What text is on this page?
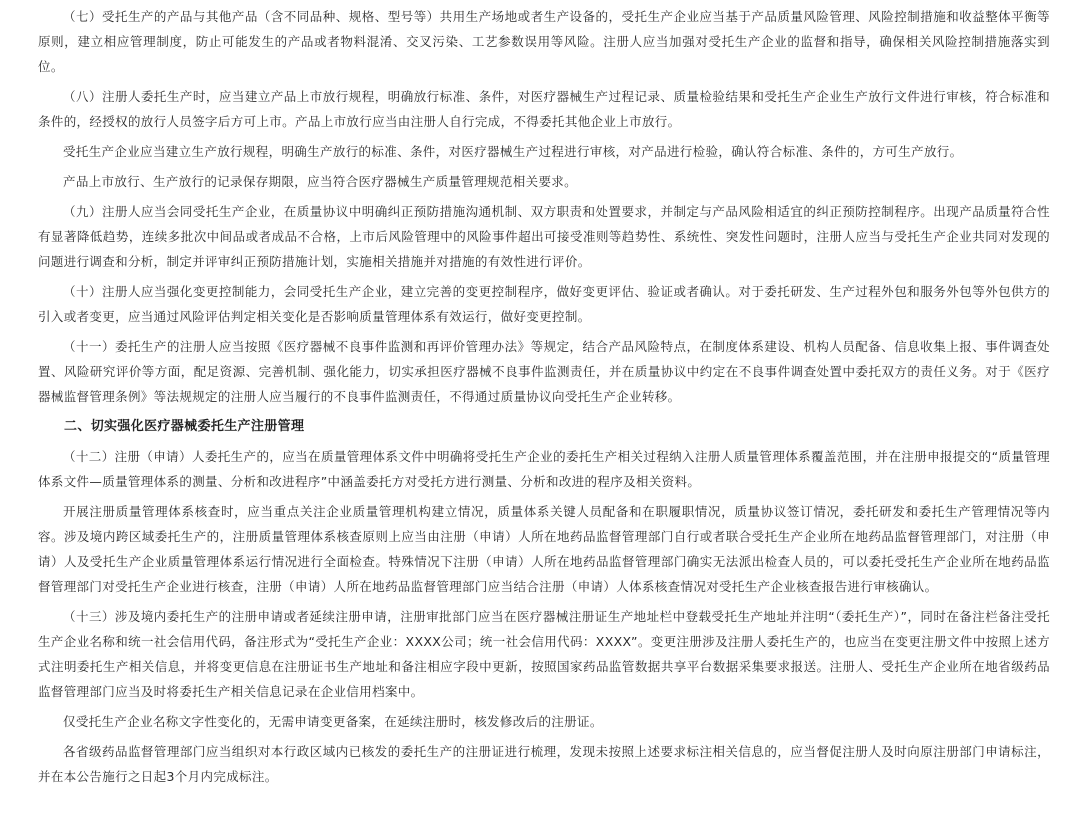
（七）受托生产的产品与其他产品（含不同品种、规格、型号等）共用生产场地或者生产设备的，受托生产企业应当基于产品质量风险管理、风险控制措施和收益整体平衡等原则，建立相应管理制度，防止可能发生的产品或者物料混淆、交叉污染、工艺参数误用等风险。注册人应当加强对受托生产企业的监督和指导，确保相关风险控制措施落实到位。

（八）注册人委托生产时，应当建立产品上市放行规程，明确放行标准、条件，对医疗器械生产过程记录、质量检验结果和受托生产企业生产放行文件进行审核，符合标准和条件的，经授权的放行人员签字后方可上市。产品上市放行应当由注册人自行完成，不得委托其他企业上市放行。

受托生产企业应当建立生产放行规程，明确生产放行的标准、条件，对医疗器械生产过程进行审核，对产品进行检验，确认符合标准、条件的，方可生产放行。

产品上市放行、生产放行的记录保存期限，应当符合医疗器械生产质量管理规范相关要求。

（九）注册人应当会同受托生产企业，在质量协议中明确纠正预防措施沟通机制、双方职责和处置要求，并制定与产品风险相适宜的纠正预防控制程序。出现产品质量符合性有显著降低趋势，连续多批次中间品或者成品不合格，上市后风险管理中的风险事件超出可接受准则等趋势性、系统性、突发性问题时，注册人应当与受托生产企业共同对发现的问题进行调查和分析，制定并评审纠正预防措施计划，实施相关措施并对措施的有效性进行评价。

（十）注册人应当强化变更控制能力，会同受托生产企业，建立完善的变更控制程序，做好变更评估、验证或者确认。对于委托研发、生产过程外包和服务外包等外包供方的引入或者变更，应当通过风险评估判定相关变化是否影响质量管理体系有效运行，做好变更控制。

（十一）委托生产的注册人应当按照《医疗器械不良事件监测和再评价管理办法》等规定，结合产品风险特点，在制度体系建设、机构人员配备、信息收集上报、事件调查处置、风险研究评价等方面，配足资源、完善机制、强化能力，切实承担医疗器械不良事件监测责任，并在质量协议中约定在不良事件调查处置中委托双方的责任义务。对于《医疗器械监督管理条例》等法规规定的注册人应当履行的不良事件监测责任，不得通过质量协议向受托生产企业转移。

二、切实强化医疗器械委托生产注册管理

（十二）注册（申请）人委托生产的，应当在质量管理体系文件中明确将受托生产企业的委托生产相关过程纳入注册人质量管理体系覆盖范围，并在注册申报提交的“质量管理体系文件—质量管理体系的测量、分析和改进程序”中涵盖委托方对受托方进行测量、分析和改进的程序及相关资料。

开展注册质量管理体系核查时，应当重点关注企业质量管理机构建立情况，质量体系关键人员配备和在职履职情况，质量协议签订情况，委托研发和委托生产管理情况等内容。涉及境内跨区域委托生产的，注册质量管理体系核查原则上应当由注册（申请）人所在地药品监督管理部门自行或者联合受托生产企业所在地药品监督管理部门，对注册（申请）人及受托生产企业质量管理体系运行情况进行全面检查。特殊情况下注册（申请）人所在地药品监督管理部门确实无法派出检查人员的，可以委托受托生产企业所在地药品监督管理部门对受托生产企业进行核查，注册（申请）人所在地药品监督管理部门应当结合注册（申请）人体系核查情况对受托生产企业核查报告进行审核确认。

（十三）涉及境内委托生产的注册申请或者延续注册申请，注册审批部门应当在医疗器械注册证生产地址栏中登载受托生产地址并注明“（委托生产）”，同时在备注栏备注受托生产企业名称和统一社会信用代码，备注形式为“受托生产企业：XXXX公司；统一社会信用代码：XXXX”。变更注册涉及注册人委托生产的，也应当在变更注册文件中按照上述方式注明委托生产相关信息，并将变更信息在注册证书生产地址和备注相应字段中更新，按照国家药品监管数据共享平台数据采集要求报送。注册人、受托生产企业所在地省级药品监督管理部门应当及时将委托生产相关信息记录在企业信用档案中。

仅受托生产企业名称文字性变化的，无需申请变更备案，在延续注册时，核发修改后的注册证。

各省级药品监督管理部门应当组织对本行政区域内已核发的委托生产的注册证进行梳理，发现未按照上述要求标注相关信息的，应当督促注册人及时向原注册部门申请标注，并在本公告施行之日起3个月内完成标注。
